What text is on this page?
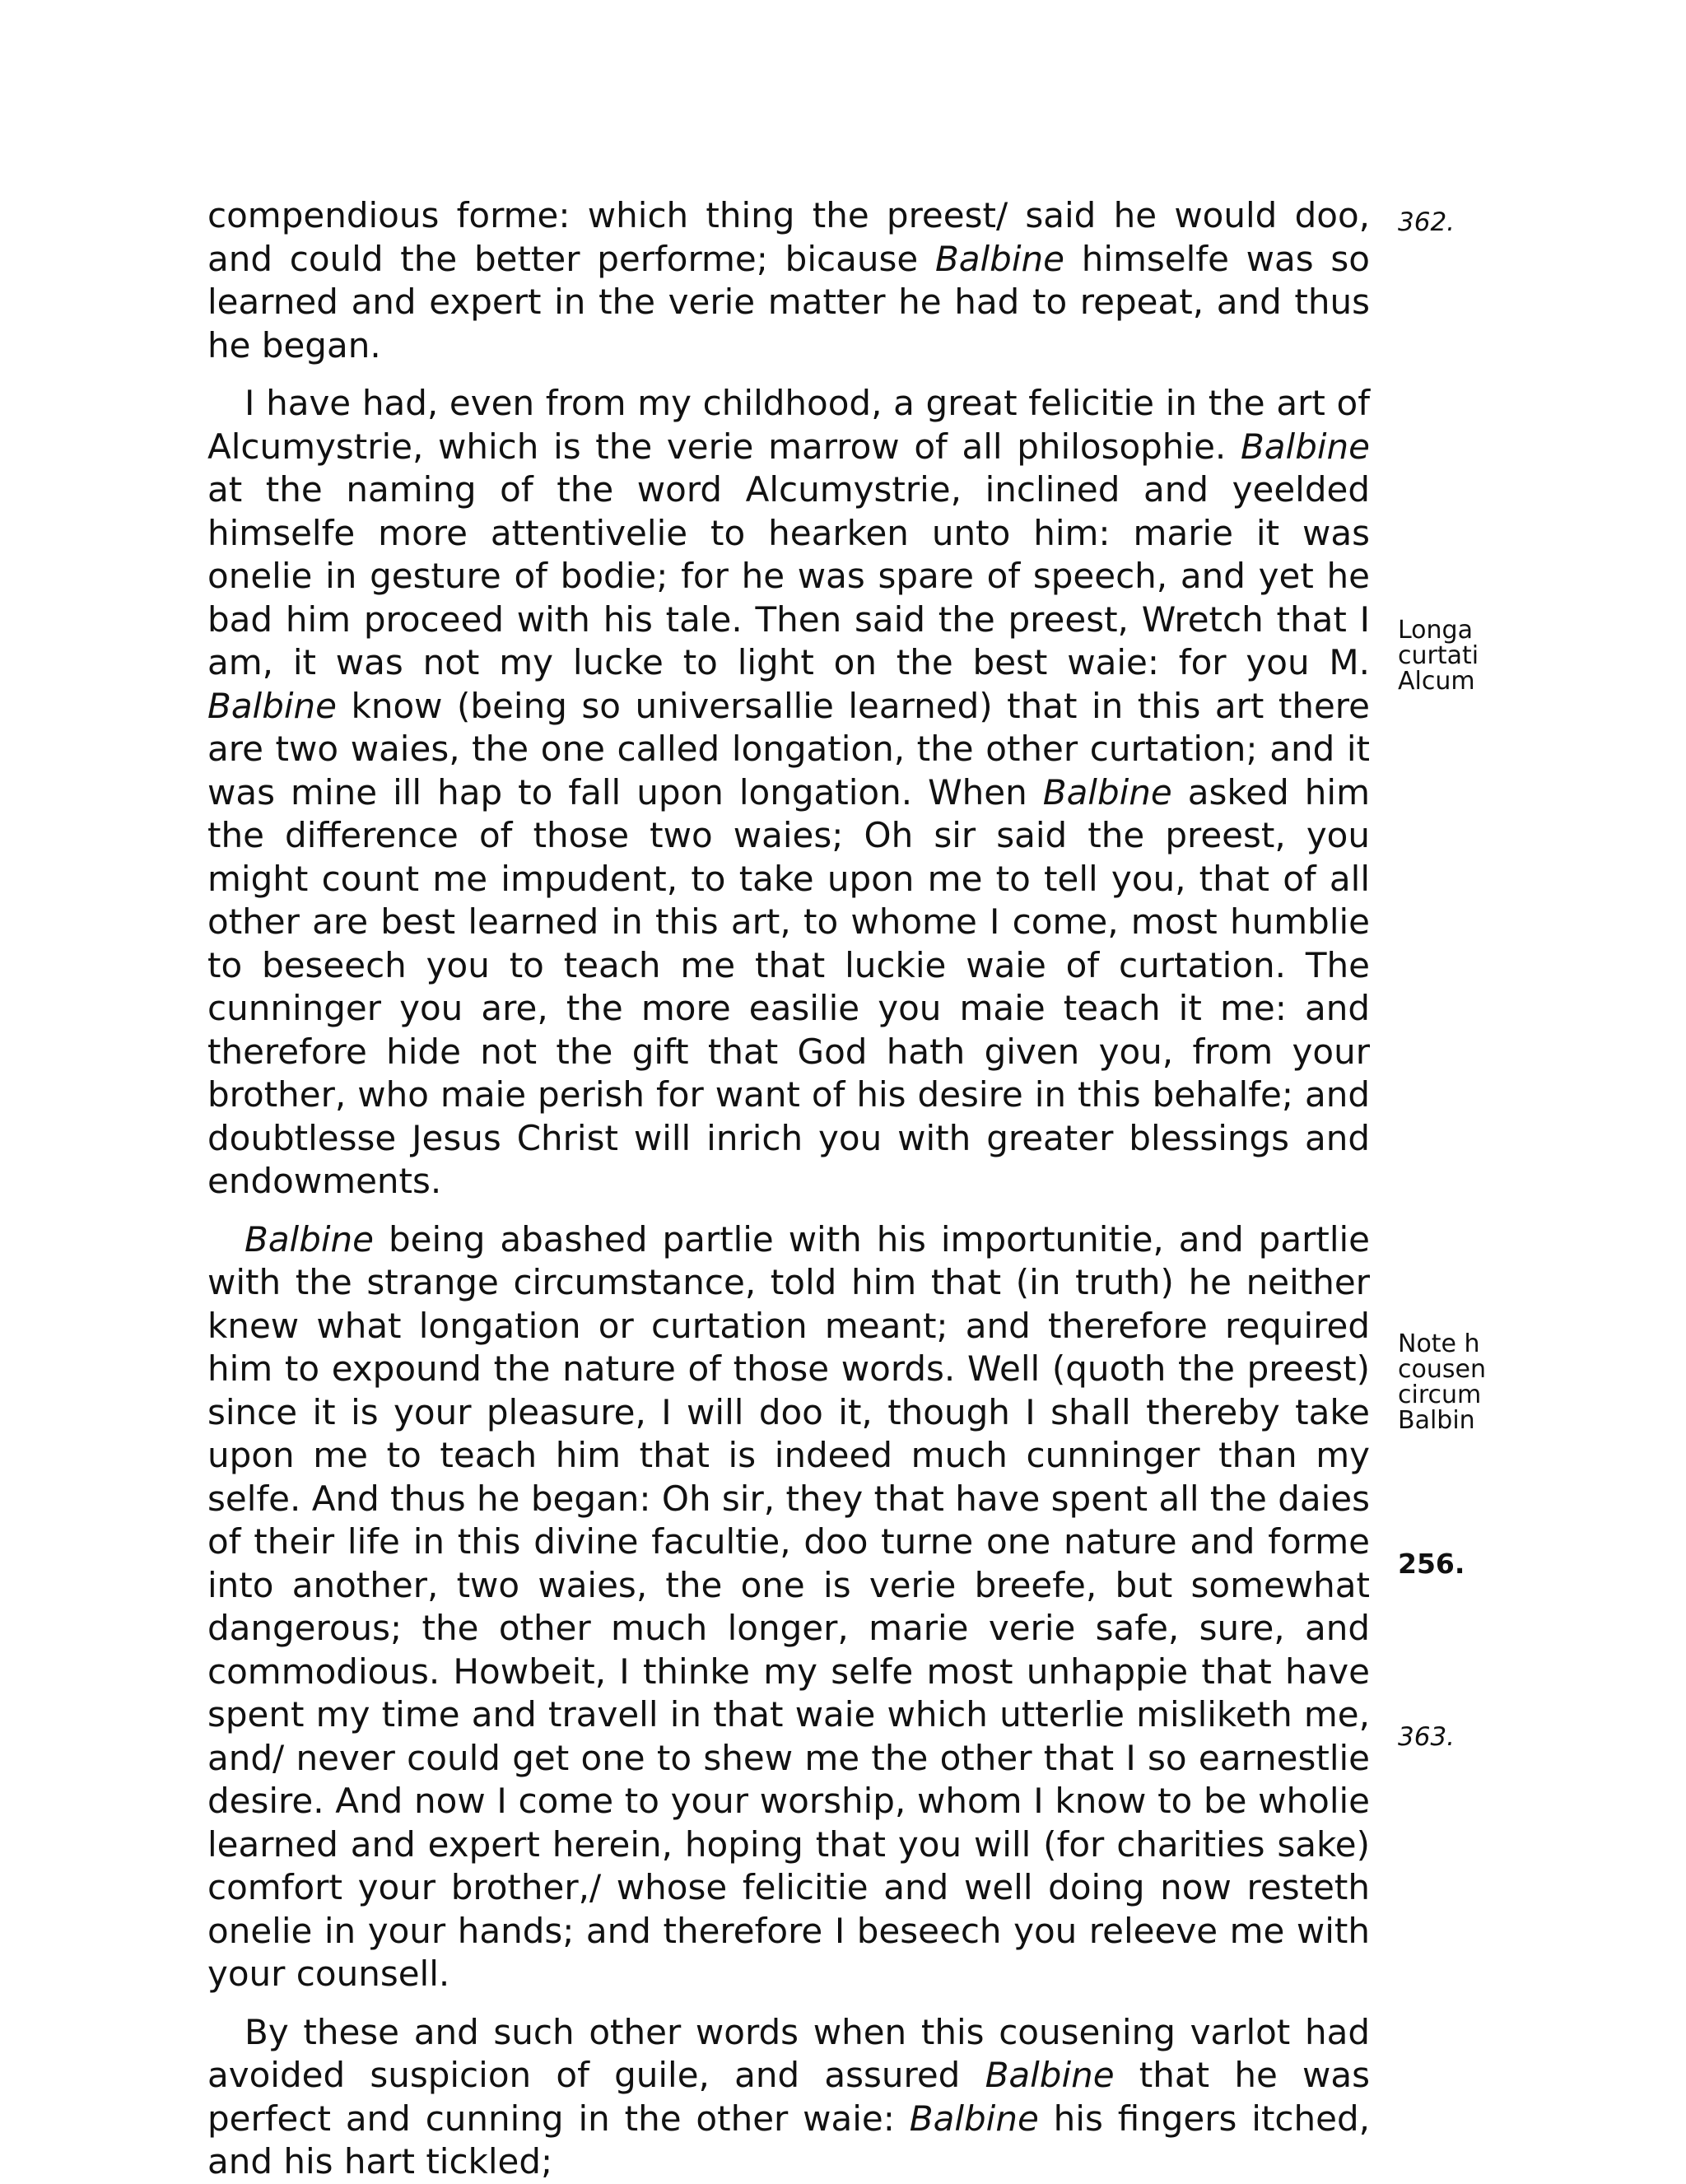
compendious forme: which thing the preest/ said he would doo, and could the better performe; bicause Balbine himselfe was so learned and expert in the verie matter he had to repeat, and thus he began.

I have had, even from my childhood, a great felicitie in the art of Alcumystrie, which is the verie marrow of all philosophie. Balbine at the naming of the word Alcumystrie, inclined and yeelded himselfe more attentivelie to hearken unto him: marie it was onelie in gesture of bodie; for he was spare of speech, and yet he bad him proceed with his tale. Then said the preest, Wretch that I am, it was not my lucke to light on the best waie: for you M. Balbine know (being so universallie learned) that in this art there are two waies, the one called longation, the other curtation; and it was mine ill hap to fall upon longation. When Balbine asked him the difference of those two waies; Oh sir said the preest, you might count me impudent, to take upon me to tell you, that of all other are best learned in this art, to whome I come, most humblie to beseech you to teach me that luckie waie of curtation. The cunninger you are, the more easilie you maie teach it me: and therefore hide not the gift that God hath given you, from your brother, who maie perish for want of his desire in this behalfe; and doubtlesse Jesus Christ will inrich you with greater blessings and endowments.

Balbine being abashed partlie with his importunitie, and partlie with the strange circumstance, told him that (in truth) he neither knew what longation or curtation meant; and therefore required him to expound the nature of those words. Well (quoth the preest) since it is your pleasure, I will doo it, though I shall thereby take upon me to teach him that is indeed much cunninger than my selfe. And thus he began: Oh sir, they that have spent all the daies of their life in this divine facultie, doo turne one nature and forme into another, two waies, the one is verie breefe, but somewhat dangerous; the other much longer, marie verie safe, sure, and commodious. Howbeit, I thinke my selfe most unhappie that have spent my time and travell in that waie which utterlie misliketh me, and/ never could get one to shew me the other that I so earnestlie desire. And now I come to your worship, whom I know to be wholie learned and expert herein, hoping that you will (for charities sake) comfort your brother,/ whose felicitie and well doing now resteth onelie in your hands; and therefore I beseech you releeve me with your counsell.

By these and such other words when this cousening varlot had avoided suspicion of guile, and assured Balbine that he was perfect and cunning in the other waie: Balbine his fingers itched, and his hart tickled;

362.
Longa
curtati
Alcum
Note h
cousen
circum
Balbin
256.
363.
